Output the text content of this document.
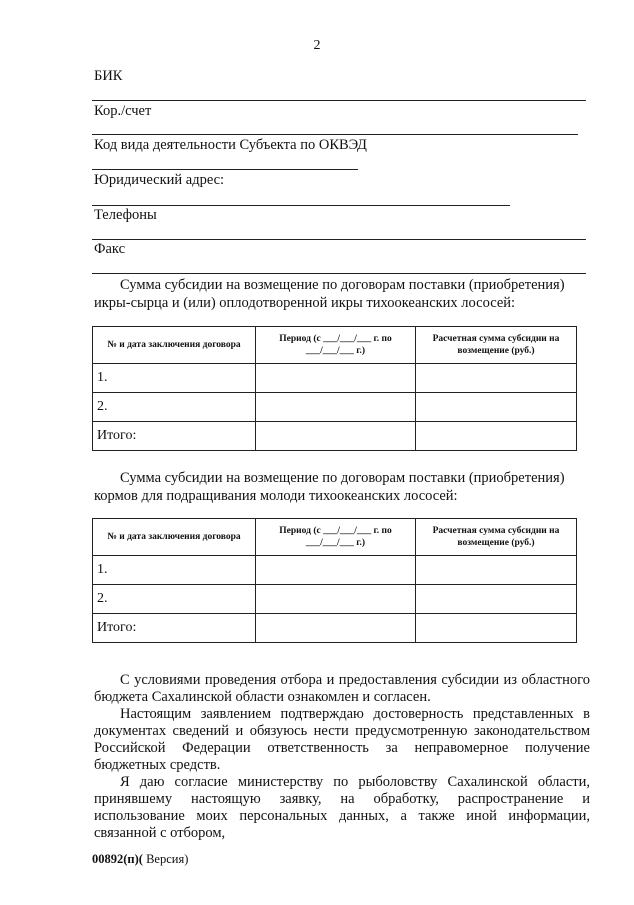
2
БИК
Кор./счет
Код вида деятельности Субъекта по ОКВЭД
Юридический адрес:
Телефоны
Факс
Сумма субсидии на возмещение по договорам поставки (приобретения)
икры-сырца и (или) оплодотворенной икры тихоокеанских лососей:
№ и дата заключения договора	Период (с ___/___/___ г. по ___/___/___ г.)	Расчетная сумма субсидии на возмещение (руб.)
1.		
2.		
Итого:		
Сумма субсидии на возмещение по договорам поставки (приобретения)
кормов для подращивания молоди тихоокеанских лососей:
№ и дата заключения договора	Период (с ___/___/___ г. по ___/___/___ г.)	Расчетная сумма субсидии на возмещение (руб.)
1.		
2.		
Итого:		

С условиями проведения отбора и предоставления субсидии из областного бюджета Сахалинской области ознакомлен и согласен.

Настоящим заявлением подтверждаю достоверность представленных в документах сведений и обязуюсь нести предусмотренную законодательством Российской Федерации ответственность за неправомерное получение бюджетных средств.

Я даю согласие министерству по рыболовству Сахалинской области, принявшему настоящую заявку, на обработку, распространение и использование моих персональных данных, а также иной информации, связанной с отбором,

00892(п)( Версия)
